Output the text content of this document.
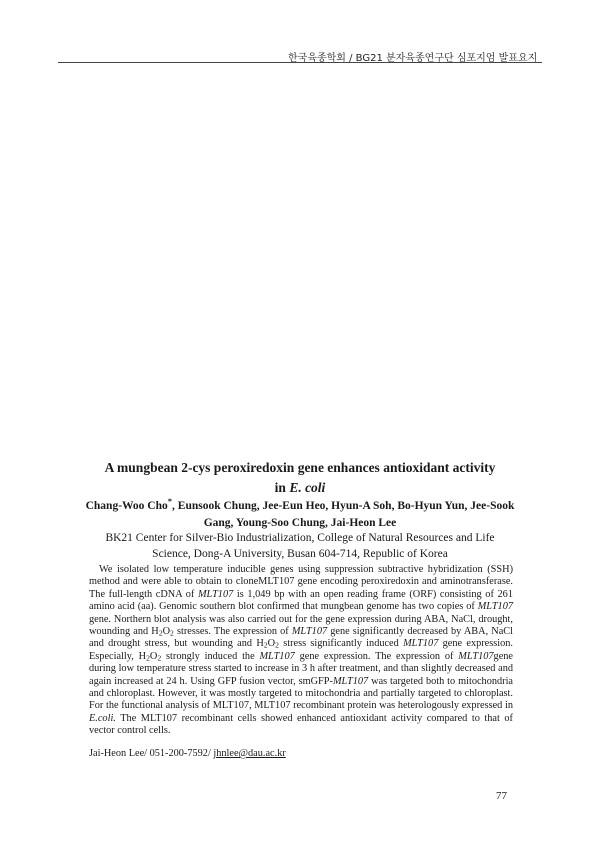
한국육종학회 / BG21 분자육종연구단 심포지엄 발표요지
A mungbean 2-cys peroxiredoxin gene enhances antioxidant activity
in E. coli
Chang-Woo Cho*, Eunsook Chung, Jee-Eun Heo, Hyun-A Soh, Bo-Hyun Yun, Jee-Sook Gang, Young-Soo Chung, Jai-Heon Lee
BK21 Center for Silver-Bio Industrialization, College of Natural Resources and Life
Science, Dong-A University, Busan 604-714, Republic of Korea

We isolated low temperature inducible genes using suppression subtractive hybridization (SSH) method and were able to obtain to cloneMLT107 gene encoding peroxiredoxin and aminotransferase. The full-length cDNA of MLT107 is 1,049 bp with an open reading frame (ORF) consisting of 261 amino acid (aa). Genomic southern blot confirmed that mungbean genome has two copies of MLT107 gene. Northern blot analysis was also carried out for the gene expression during ABA, NaCl, drought, wounding and $H_2O_2$ stresses. The expression of MLT107 gene significantly decreased by ABA, NaCl and drought stress, but wounding and $H_2O_2$ stress significantly induced MLT107 gene expression. Especially, $H_2O_2$ strongly induced the MLT107 gene expression. The expression of MLT107gene during low temperature stress started to increase in 3 h after treatment, and than slightly decreased and again increased at 24 h. Using GFP fusion vector, smGFP-MLT107 was targeted both to mitochondria and chloroplast. However, it was mostly targeted to mitochondria and partially targeted to chloroplast. For the functional analysis of MLT107, MLT107 recombinant protein was heterologously expressed in E.coli. The MLT107 recombinant cells showed enhanced antioxidant activity compared to that of vector control cells.

Jai-Heon Lee/ 051-200-7592/ jhnlee@dau.ac.kr
77
